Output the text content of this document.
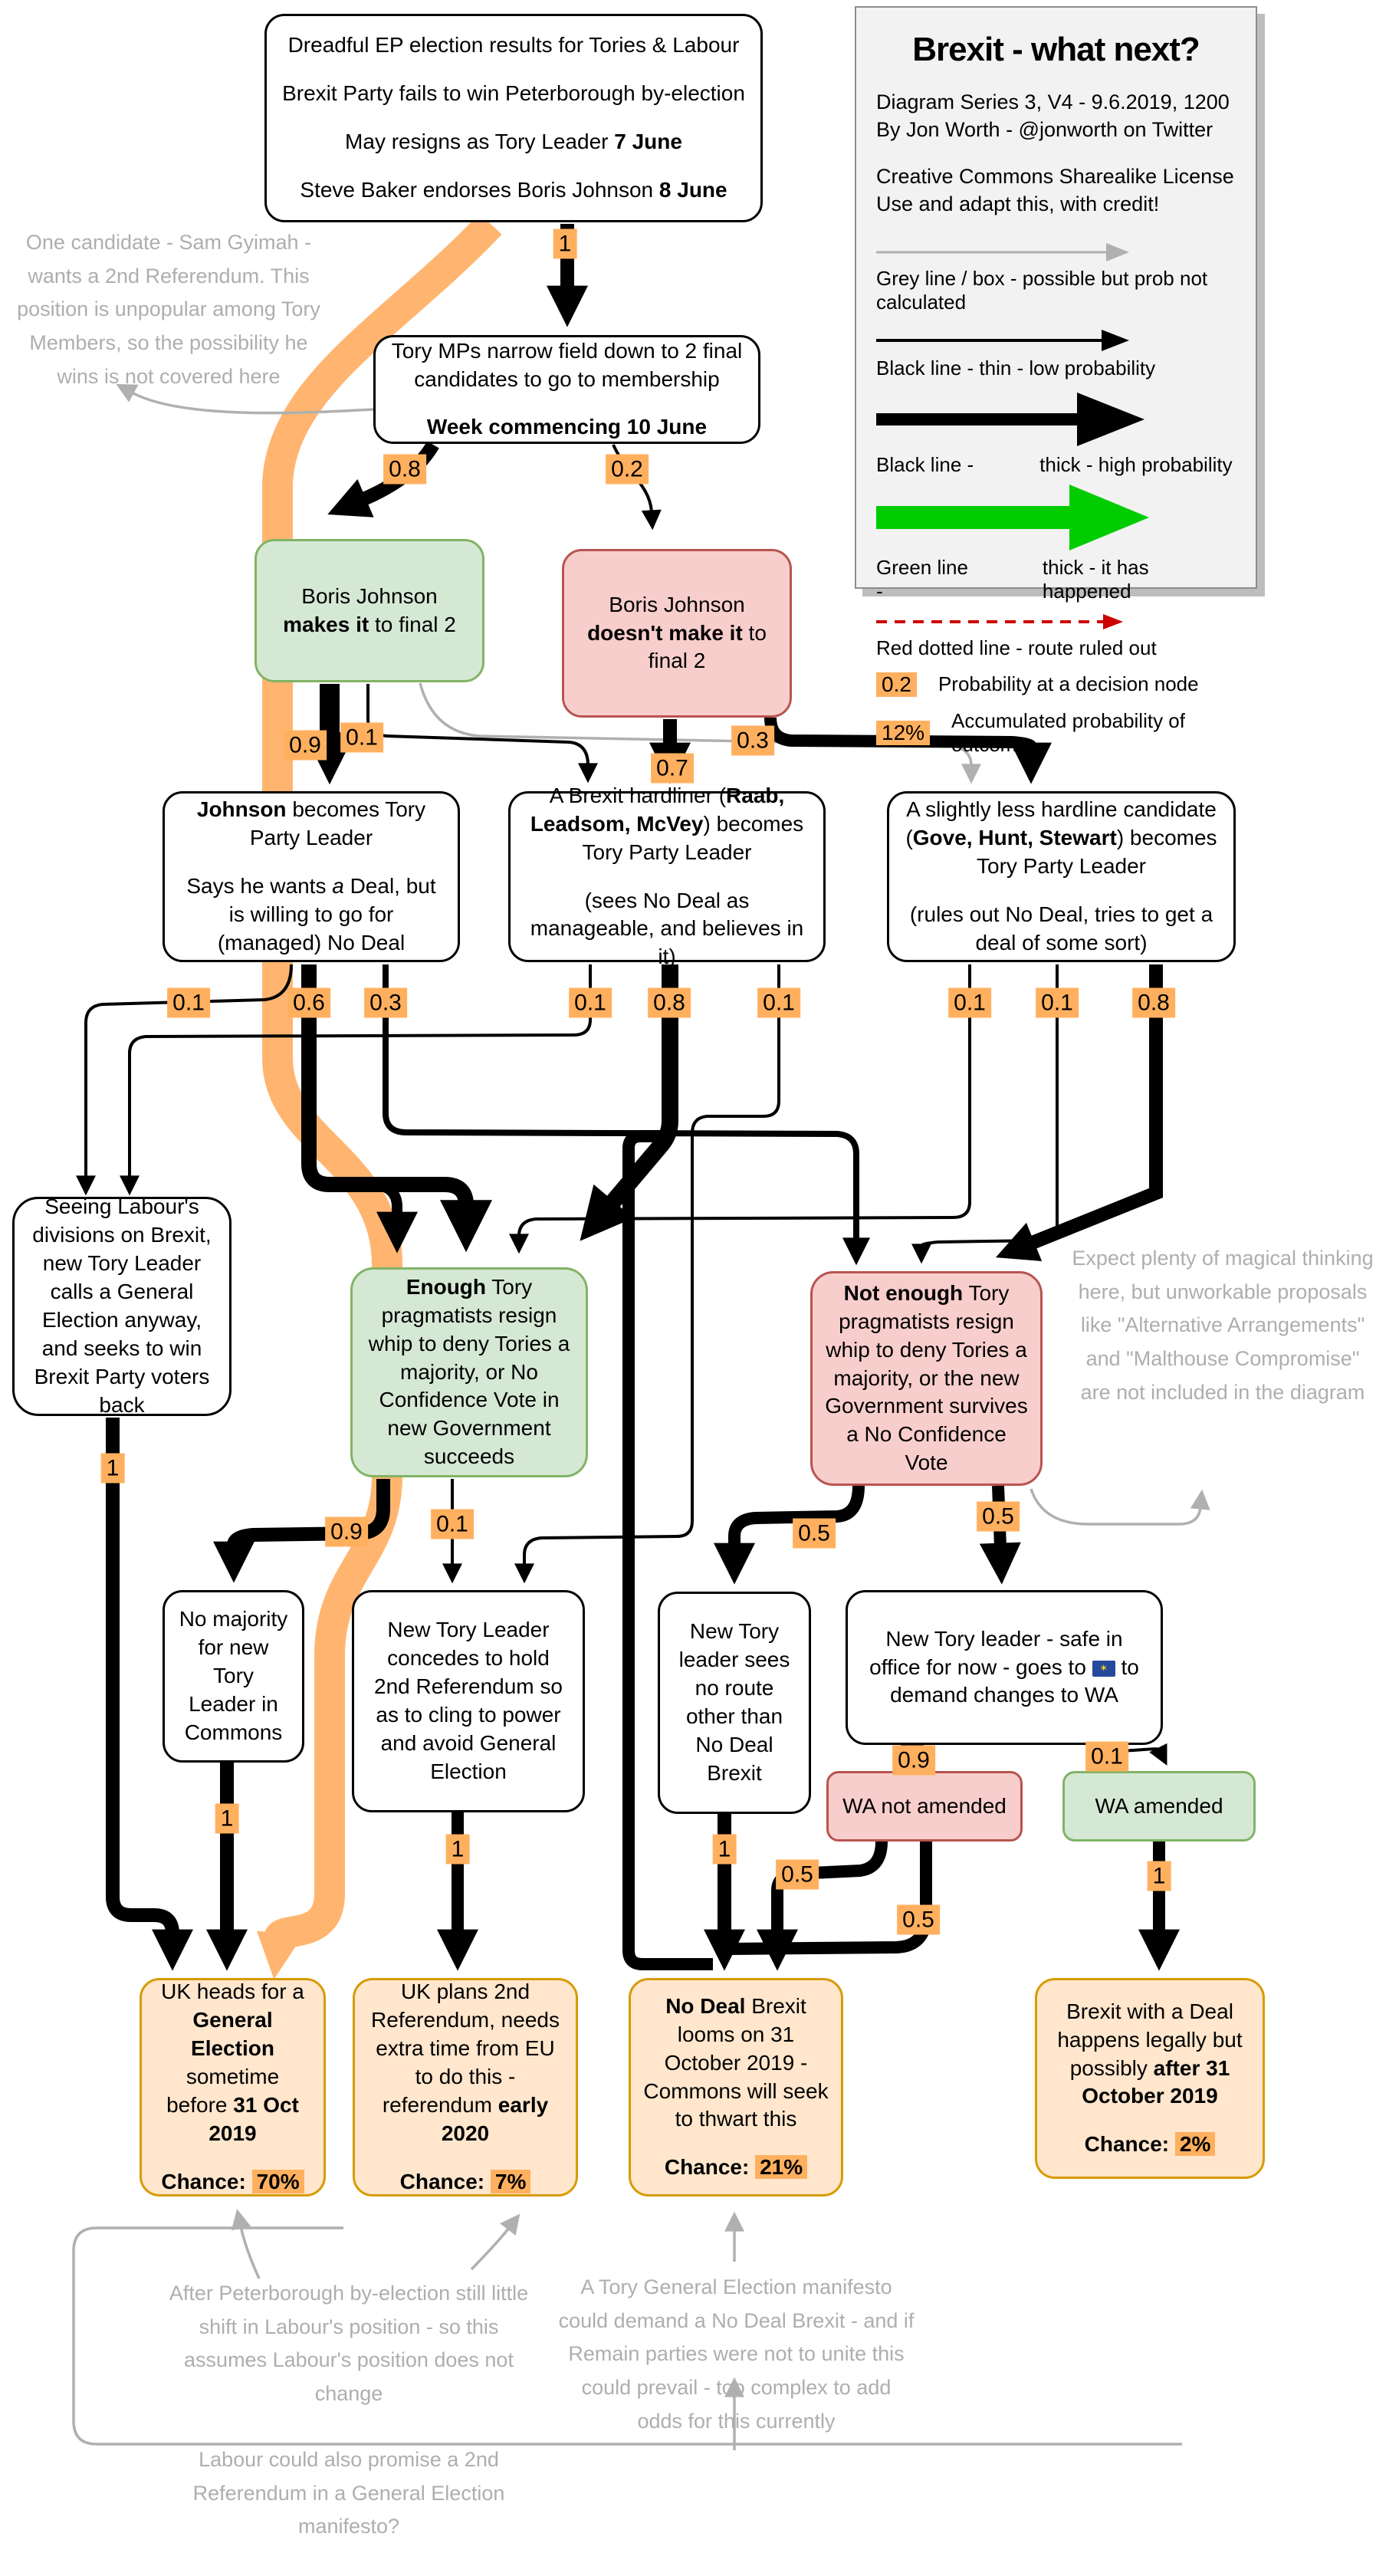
Brexit - what next?

Diagram Series 3, V4 - 9.6.2019, 1200
By Jon Worth - @jonworth on Twitter

Creative Commons Sharealike License
Use and adapt this, with credit!

Grey line / box - possible but prob not calculated
Black line - thin - low probability
Black line -	thick - high probability
Green line -
thick - it has happened
Red dotted line - route ruled out
0.2 Probability at a decision node
12% Accumulated probability of outcome

Dreadful EP election results for Tories & Labour

Brexit Party fails to win Peterborough by-election

May resigns as Tory Leader 7 June

Steve Baker endorses Boris Johnson 8 June

Tory MPs narrow field down to 2 final candidates to go to membership

Week commencing 10 June

Boris Johnson makes it to final 2

Boris Johnson doesn't make it to final 2

Johnson becomes Tory Party Leader

Says he wants a Deal, but is willing to go for (managed) No Deal

A Brexit hardliner (Raab, Leadsom, McVey) becomes Tory Party Leader

(sees No Deal as manageable, and believes in it)

A slightly less hardline candidate (Gove, Hunt, Stewart) becomes Tory Party Leader

(rules out No Deal, tries to get a deal of some sort)

Seeing Labour's divisions on Brexit, new Tory Leader calls a General Election anyway, and seeks to win Brexit Party voters back

Enough Tory pragmatists resign whip to deny Tories a majority, or No Confidence Vote in new Government succeeds

Not enough Tory pragmatists resign whip to deny Tories a majority, or the new Government survives a No Confidence Vote

No majority for new Tory Leader in Commons

New Tory Leader concedes to hold 2nd Referendum so as to cling to power and avoid General Election

New Tory leader sees no route other than No Deal Brexit

New Tory leader - safe in office for now - goes to ✶ to demand changes to WA

WA not amended	WA amended

UK heads for a General Election sometime before 31 Oct 2019

Chance: 70%

UK plans 2nd Referendum, needs extra time from EU to do this - referendum early 2020

Chance: 7%

No Deal Brexit looms on 31 October 2019 - Commons will seek to thwart this

Chance: 21%

Brexit with a Deal happens legally but possibly after 31 October 2019

Chance: 2%

One candidate - Sam Gyimah - wants a 2nd Referendum. This position is unpopular among Tory Members, so the possibility he wins is not covered here

Expect plenty of magical thinking here, but unworkable proposals like "Alternative Arrangements" and "Malthouse Compromise" are not included in the diagram

After Peterborough by-election still little shift in Labour's position - so this assumes Labour's position does not change

Labour could also promise a 2nd Referendum in a General Election manifesto?

A Tory General Election manifesto could demand a No Deal Brexit - and if Remain parties were not to unite this could prevail - too complex to add odds for this currently

1
0.8	0.2
0.9 0.1
0.7
0.3
0.1	0.6 0.3	0.1 0.8	0.1	0.1 0.1	0.8
1
0.9	0.1	0.5
0.5
1
1	1
0.9	0.1
0.5
0.5
1
